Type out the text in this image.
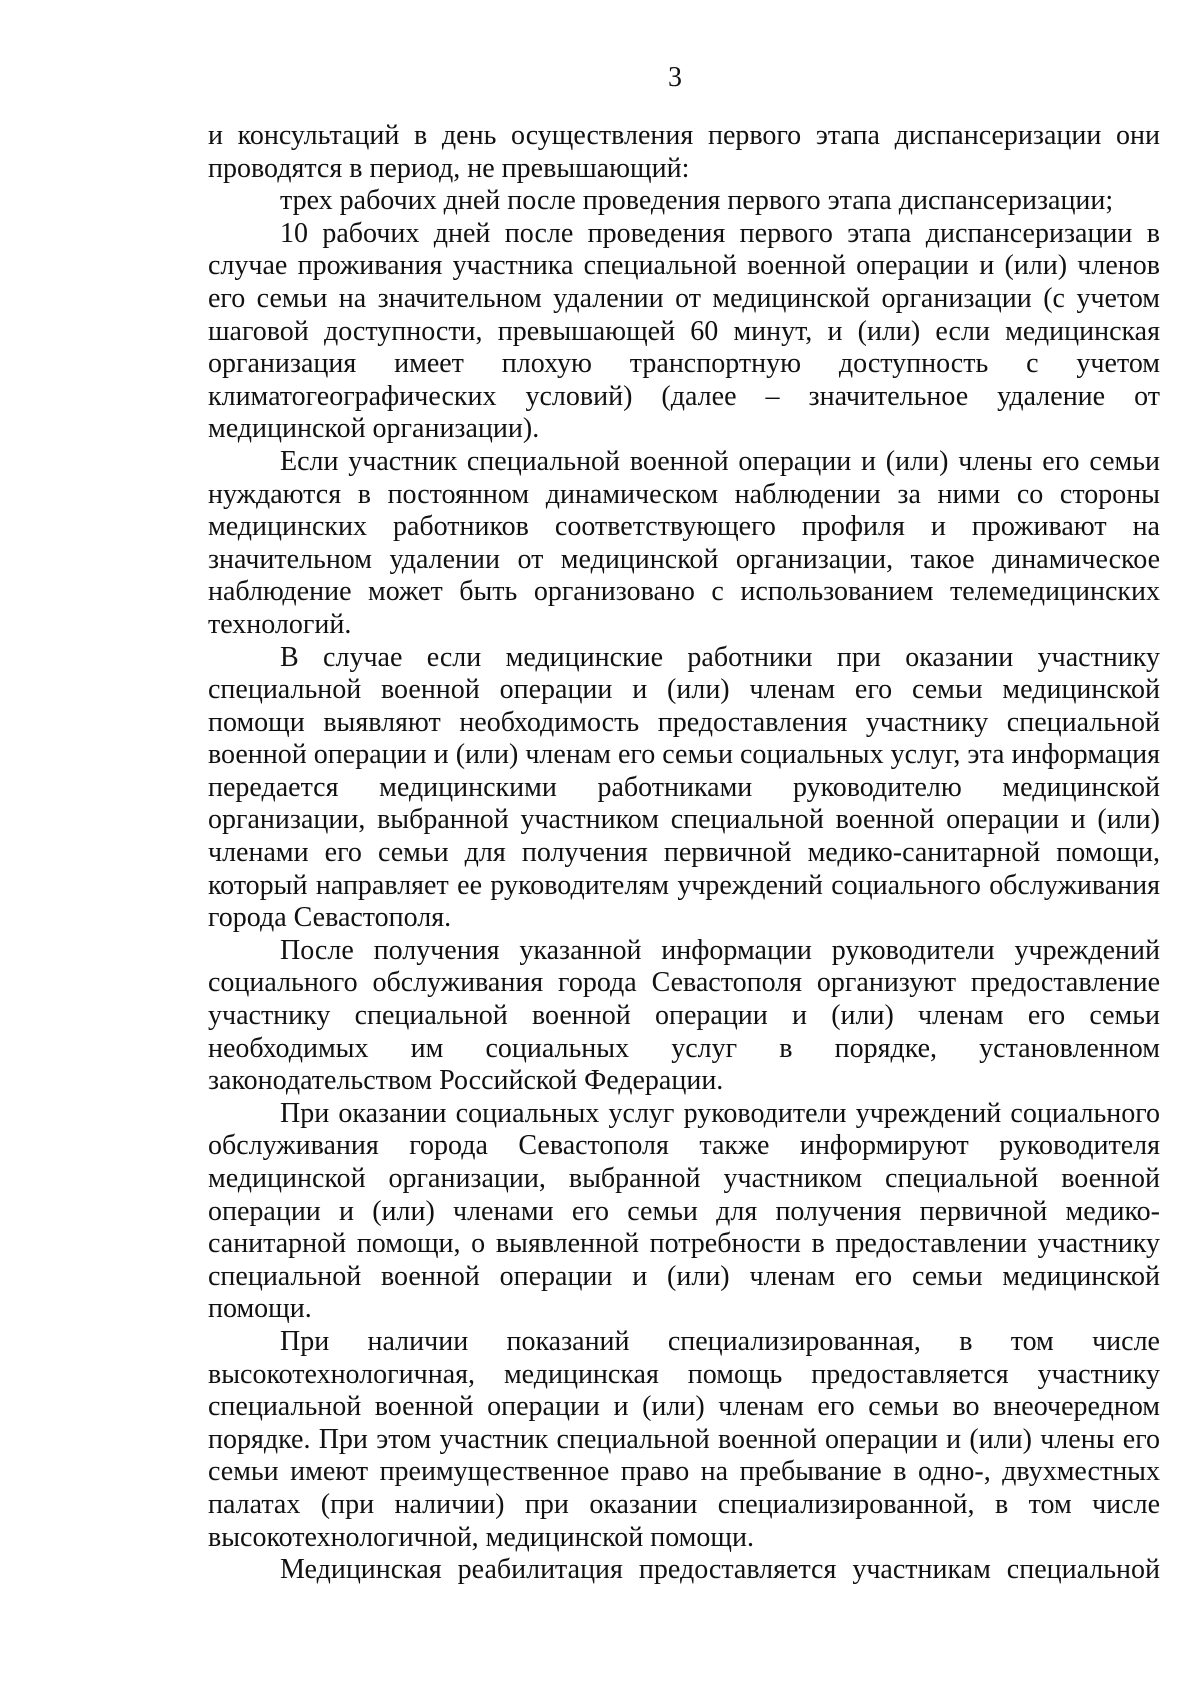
3

и консультаций в день осуществления первого этапа диспансеризации они проводятся в период, не превышающий:

трех рабочих дней после проведения первого этапа диспансеризации;

10 рабочих дней после проведения первого этапа диспансеризации в случае проживания участника специальной военной операции и (или) членов его семьи на значительном удалении от медицинской организации (с учетом шаговой доступности, превышающей 60 минут, и (или) если медицинская организация имеет плохую транспортную доступность с учетом климатогеографических условий) (далее – значительное удаление от медицинской организации).

Если участник специальной военной операции и (или) члены его семьи нуждаются в постоянном динамическом наблюдении за ними со стороны медицинских работников соответствующего профиля и проживают на значительном удалении от медицинской организации, такое динамическое наблюдение может быть организовано с использованием телемедицинских технологий.

В случае если медицинские работники при оказании участнику специальной военной операции и (или) членам его семьи медицинской помощи выявляют необходимость предоставления участнику специальной военной операции и (или) членам его семьи социальных услуг, эта информация передается медицинскими работниками руководителю медицинской организации, выбранной участником специальной военной операции и (или) членами его семьи для получения первичной медико-санитарной помощи, который направляет ее руководителям учреждений социального обслуживания города Севастополя.

После получения указанной информации руководители учреждений социального обслуживания города Севастополя организуют предоставление участнику специальной военной операции и (или) членам его семьи необходимых им социальных услуг в порядке, установленном законодательством Российской Федерации.

При оказании социальных услуг руководители учреждений социального обслуживания города Севастополя также информируют руководителя медицинской организации, выбранной участником специальной военной операции и (или) членами его семьи для получения первичной медико-санитарной помощи, о выявленной потребности в предоставлении участнику специальной военной операции и (или) членам его семьи медицинской помощи.

При наличии показаний специализированная, в том числе высокотехнологичная, медицинская помощь предоставляется участнику специальной военной операции и (или) членам его семьи во внеочередном порядке. При этом участник специальной военной операции и (или) члены его семьи имеют преимущественное право на пребывание в одно-, двухместных палатах (при наличии) при оказании специализированной, в том числе высокотехнологичной, медицинской помощи.

Медицинская реабилитация предоставляется участникам специальной
